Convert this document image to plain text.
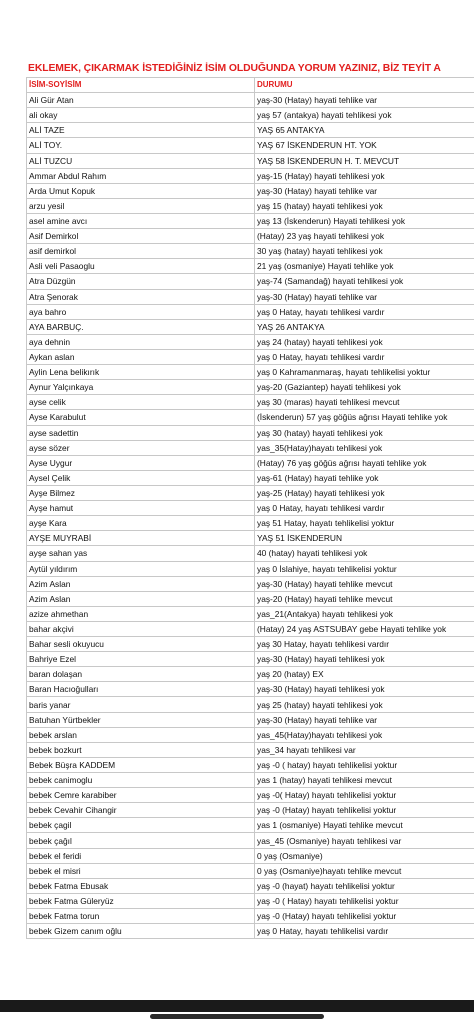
EKLEMEK, ÇIKARMAK İSTEDİĞİNİZ İSİM OLDUĞUNDA YORUM YAZINIZ, BİZ TEYİT A
İSİM-SOYİSİM	DURUMU
Ali Gür Atan	yaş-30 (Hatay) hayati tehlike var
ali okay	yaş 57 (antakya) hayati tehlikesi yok
ALİ TAZE	YAŞ 65 ANTAKYA
ALİ TOY.	YAŞ 67 İSKENDERUN HT. YOK
ALİ TUZCU	YAŞ 58 İSKENDERUN H. T. MEVCUT
Ammar Abdul Rahım	yaş-15 (Hatay) hayati tehlikesi yok
Arda Umut Kopuk	yaş-30 (Hatay) hayati tehlike var
arzu yesil	yaş 15 (hatay) hayati tehlikesi yok
asel amine avcı	yaş 13 (İskenderun) Hayati tehlikesi yok
Asif Demirkol	(Hatay) 23 yaş hayati tehlikesi yok
asif demirkol	30 yaş (hatay) hayati tehlikesi yok
Asli veli Pasaoglu	21 yaş (osmaniye) Hayati tehlike yok
Atra Düzgün	yaş-74 (Samandağ) hayati tehlikesi yok
Atra Şenorak	yaş-30 (Hatay) hayati tehlike var
aya bahro	yaş 0 Hatay, hayatı tehlikesi vardır
AYA BARBUÇ.	YAŞ 26 ANTAKYA
aya dehnin	yaş 24 (hatay) hayati tehlikesi yok
Aykan aslan	yaş 0 Hatay, hayatı tehlikesi vardır
Aylin Lena belikırık	yaş 0 Kahramanmaraş, hayatı tehlikelisi yoktur
Aynur Yalçınkaya	yaş-20 (Gaziantep) hayati tehlikesi yok
ayse celik	yaş 30 (maras) hayati tehlikesi mevcut
Ayse Karabulut	(İskenderun) 57 yaş göğüs ağrısı Hayati tehlike yok
ayse sadettin	yaş 30 (hatay) hayati tehlikesi yok
ayse sözer	yas_35(Hatay)hayatı tehlikesi yok
Ayse Uygur	(Hatay) 76 yaş göğüs ağrısı hayati tehlike yok
Aysel Çelik	yaş-61 (Hatay) hayati tehlike yok
Ayşe Bilmez	yaş-25 (Hatay) hayati tehlikesi yok
Ayşe hamut	yaş 0 Hatay, hayatı tehlikesi vardır
ayşe Kara	yaş 51 Hatay, hayatı tehlikelisi yoktur
AYŞE MUYRABİ	YAŞ 51 İSKENDERUN
ayşe sahan yas	40 (hatay) hayati tehlikesi yok
Aytül yıldırım	yaş 0 İslahiye, hayatı tehlikelisi yoktur
Azim Aslan	yaş-30 (Hatay) hayati tehlike mevcut
Azim Aslan	yaş-20 (Hatay) hayati tehlike mevcut
azize ahmethan	yas_21(Antakya) hayatı tehlikesi yok
bahar akçivi	(Hatay) 24 yaş ASTSUBAY gebe Hayati tehlike yok
Bahar sesli okuyucu	yaş 30 Hatay, hayatı tehlikesi vardır
Bahriye Ezel	yaş-30 (Hatay) hayati tehlikesi yok
baran dolaşan	yaş 20 (hatay) EX
Baran Hacıoğulları	yaş-30 (Hatay) hayati tehlikesi yok
baris yanar	yaş 25 (hatay) hayati tehlikesi yok
Batuhan Yürtbekler	yaş-30 (Hatay) hayati tehlike var
bebek arslan	yas_45(Hatay)hayatı tehlikesi yok
bebek bozkurt	yas_34 hayatı tehlikesi var
Bebek Büşra KADDEM	yaş -0 ( hatay) hayatı tehlikelisi yoktur
bebek canimoglu	yas 1 (hatay) hayati tehlikesi mevcut
bebek Cemre karabiber	yaş -0( Hatay) hayatı tehlikelisi yoktur
bebek Cevahir Cihangir	yaş -0 (Hatay) hayatı tehlikelisi yoktur
bebek çagil	yas 1 (osmaniye) Hayati tehlike mevcut
bebek çağıl	yas_45 (Osmaniye) hayatı tehlikesi var
bebek el feridi	0 yaş (Osmaniye)
bebek el misri	0 yaş (Osmaniye)hayatı tehlike mevcut
bebek Fatma Ebusak	yaş -0 (hayat) hayatı tehlikelisi yoktur
bebek Fatma Güleryüz	yaş -0 ( Hatay) hayatı tehlikelisi yoktur
bebek Fatma torun	yaş -0 (Hatay) hayatı tehlikelisi yoktur
bebek Gizem canım oğlu	yaş 0 Hatay, hayatı tehlikelisi vardır
